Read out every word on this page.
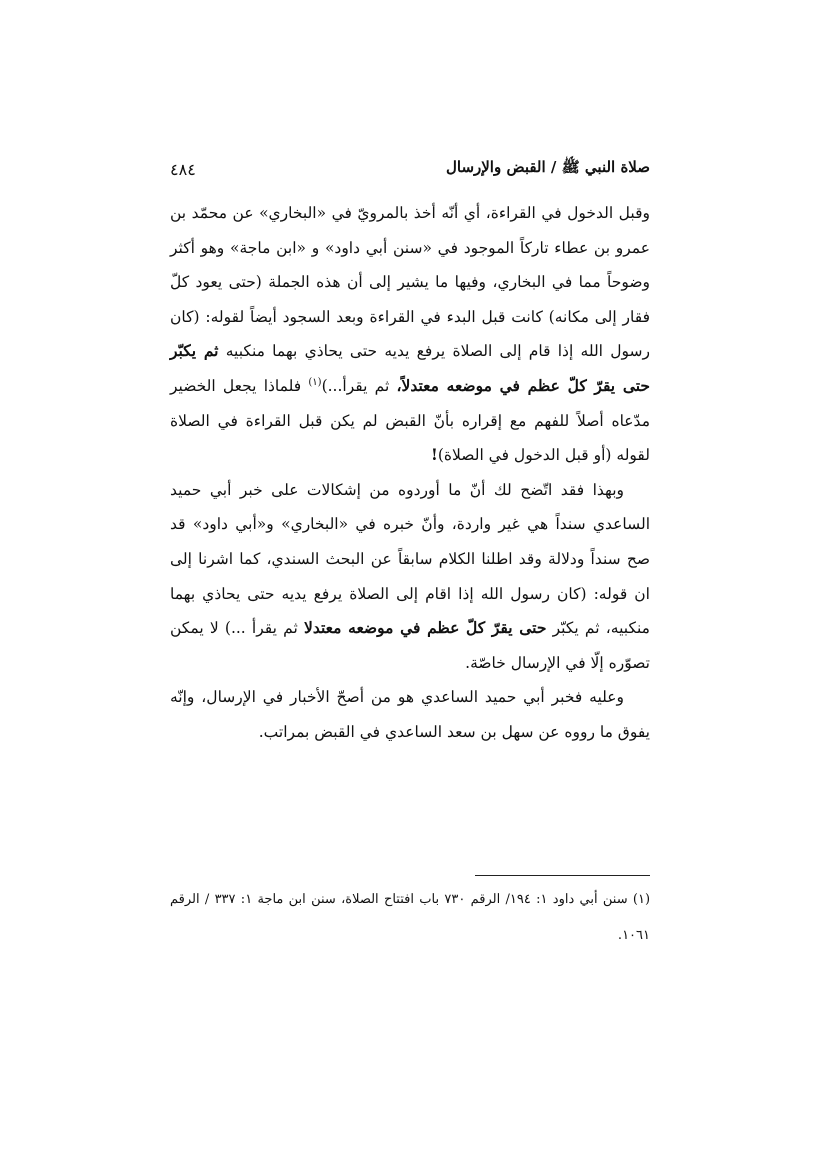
صلاة النبي ﷺ / القبض والإرسال
٤٨٤

وقبل الدخول في القراءة، أي أنّه أخذ بالمرويّ في «البخاري» عن محمّد بن عمرو بن عطاء تاركاً الموجود في «سنن أبي داود» و «ابن ماجة» وهو أكثر وضوحاً مما في البخاري، وفيها ما يشير إلى أن هذه الجملة (حتى يعود كلّ فقار إلى مكانه) كانت قبل البدء في القراءة وبعد السجود أيضاً لقوله: (كان رسول الله إذا قام إلى الصلاة يرفع يديه حتى يحاذي بهما منكبيه ثم يكبّر حتى يقرّ كلّ عظم في موضعه معتدلاً، ثم يقرأ...)$^{(١)}$ فلماذا يجعل الخضير مدّعاه أصلاً للفهم مع إقراره بأنّ القبض لم يكن قبل القراءة في الصلاة لقوله (أو قبل الدخول في الصلاة)!

وبهذا فقد اتّضح لك أنّ ما أوردوه من إشكالات على خبر أبي حميد الساعدي سنداً هي غير واردة، وأنّ خبره في «البخاري» و«أبي داود» قد صح سنداً ودلالة وقد اطلنا الكلام سابقاً عن البحث السندي، كما اشرنا إلى ان قوله: (كان رسول الله إذا اقام إلى الصلاة يرفع يديه حتى يحاذي بهما منكبيه، ثم يكبّر حتى يقرّ كلّ عظم في موضعه معتدلا ثم يقرأ ...) لا يمكن تصوّره إلّا في الإرسال خاصّة.

وعليه فخبر أبي حميد الساعدي هو من أصحّ الأخبار في الإرسال، وإنّه يفوق ما رووه عن سهل بن سعد الساعدي في القبض بمراتب.

(١) سنن أبي داود ١: ١٩٤/ الرقم ٧٣٠ باب افتتاح الصلاة، سنن ابن ماجة ١: ٣٣٧ / الرقم ١٠٦١.
